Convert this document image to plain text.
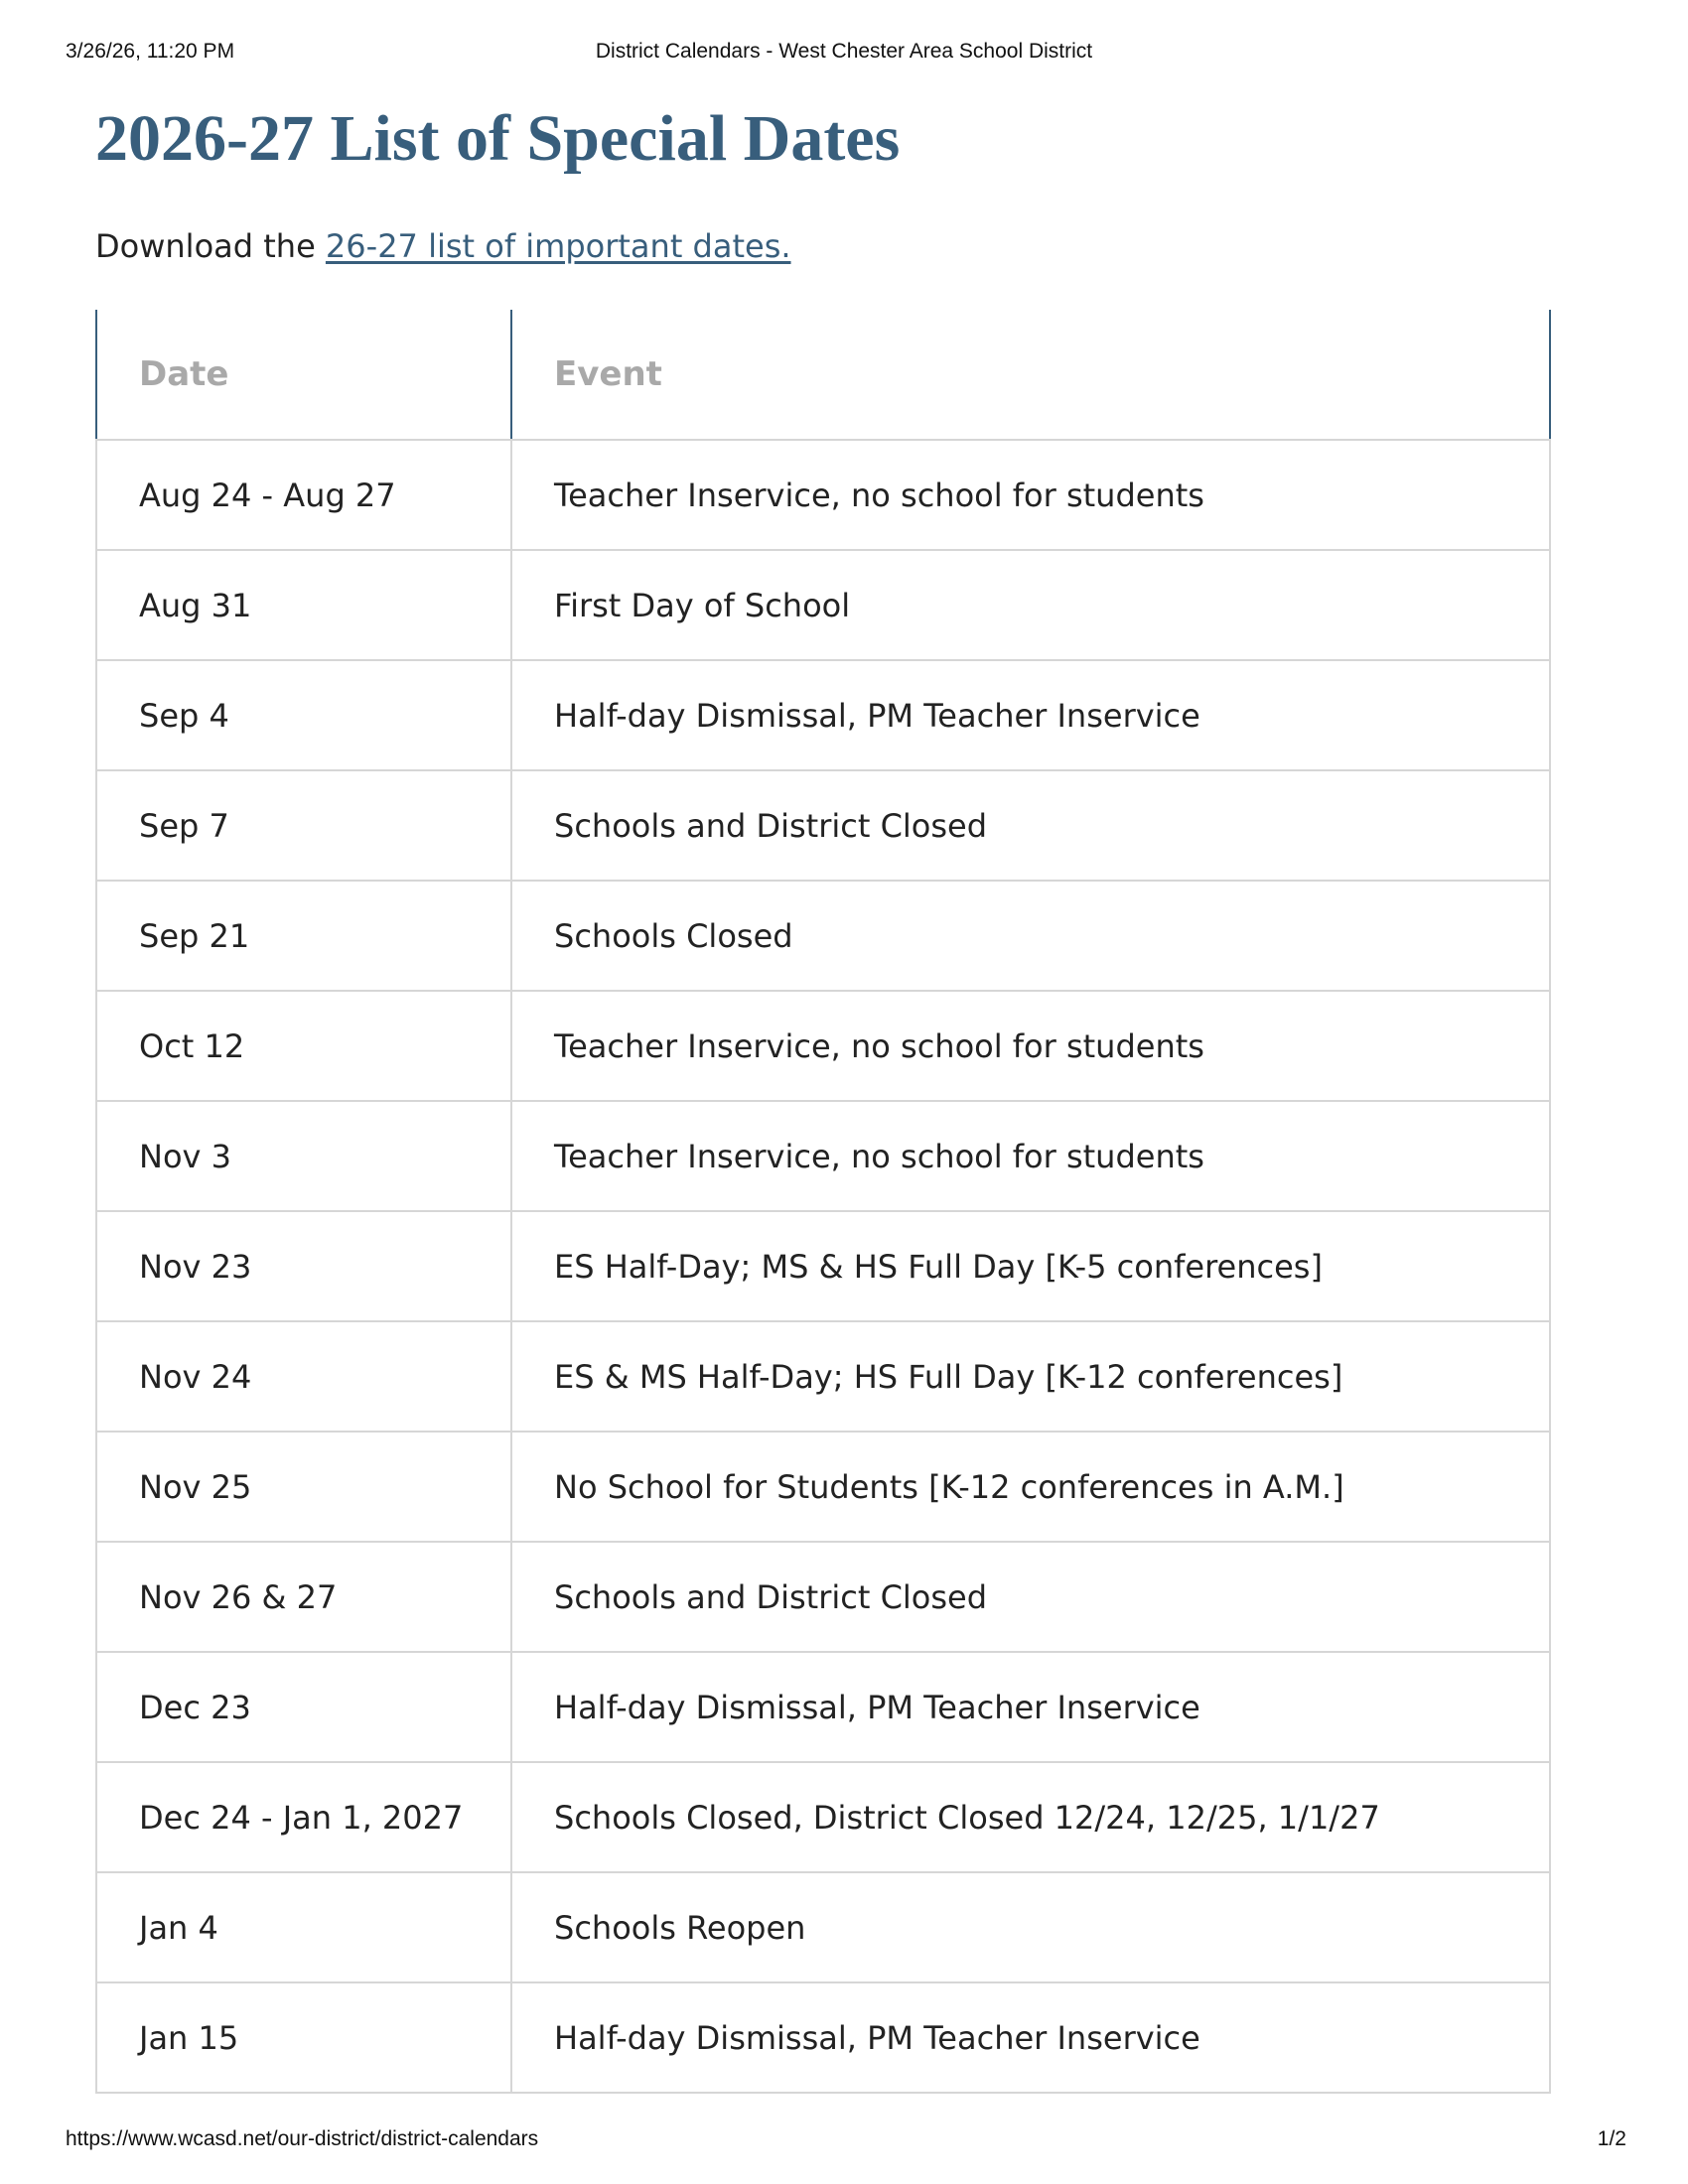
3/26/26, 11:20 PM	District Calendars - West Chester Area School District
2026-27 List of Special Dates
Download the 26-27 list of important dates.
Date	Event
Aug 24 - Aug 27	Teacher Inservice, no school for students
Aug 31	First Day of School
Sep 4	Half-day Dismissal, PM Teacher Inservice
Sep 7	Schools and District Closed
Sep 21	Schools Closed
Oct 12	Teacher Inservice, no school for students
Nov 3	Teacher Inservice, no school for students
Nov 23	ES Half-Day; MS & HS Full Day [K-5 conferences]
Nov 24	ES & MS Half-Day; HS Full Day [K-12 conferences]
Nov 25	No School for Students [K-12 conferences in A.M.]
Nov 26 & 27	Schools and District Closed
Dec 23	Half-day Dismissal, PM Teacher Inservice
Dec 24 - Jan 1, 2027	Schools Closed, District Closed 12/24, 12/25, 1/1/27
Jan 4	Schools Reopen
Jan 15	Half-day Dismissal, PM Teacher Inservice
https://www.wcasd.net/our-district/district-calendars	1/2
